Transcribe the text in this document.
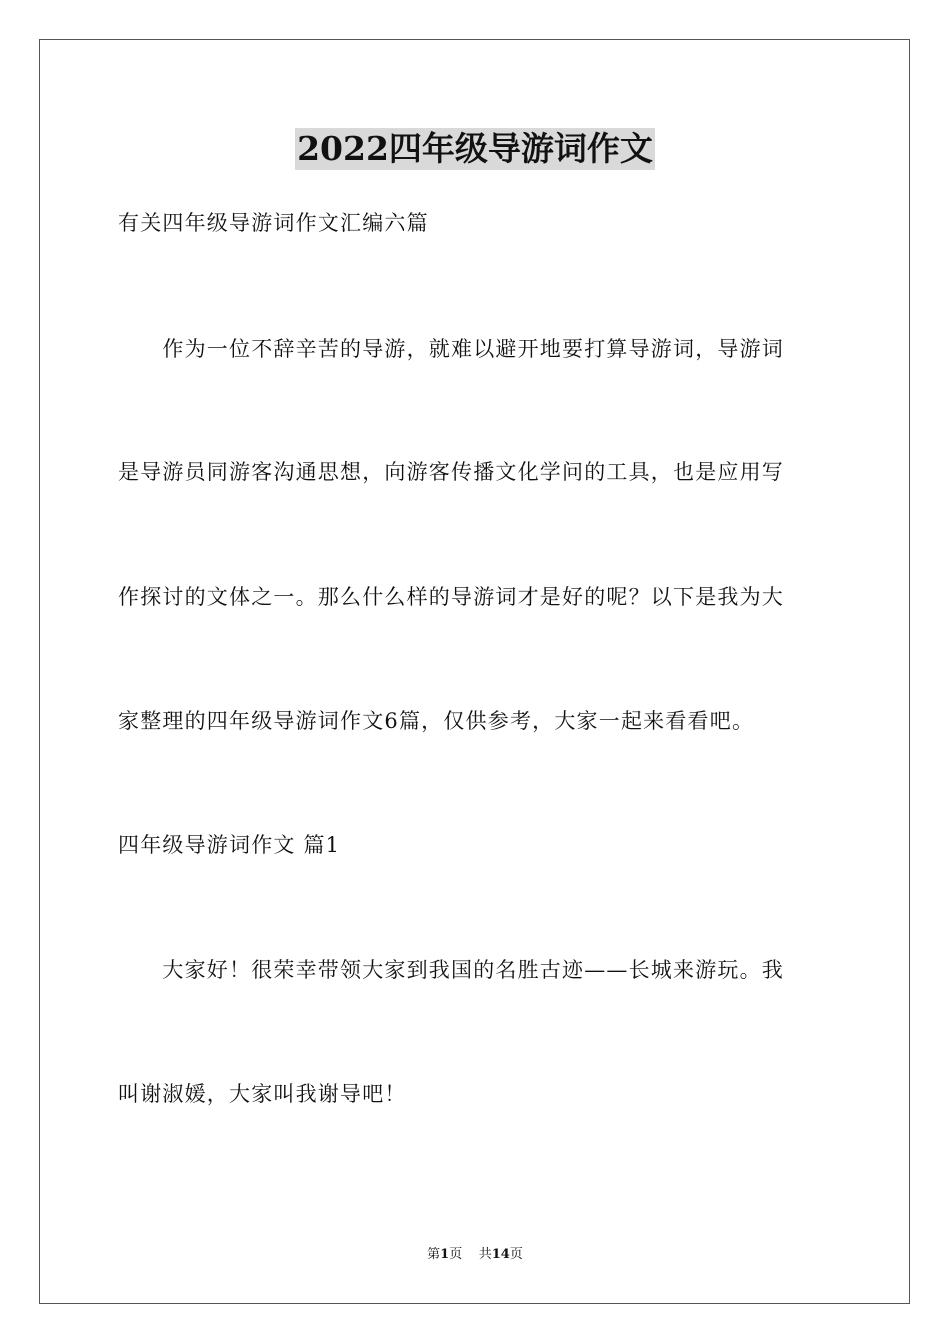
2022四年级导游词作文
有关四年级导游词作文汇编六篇
　　作为一位不辞辛苦的导游，就难以避开地要打算导游词，导游词
是导游员同游客沟通思想，向游客传播文化学问的工具，也是应用写
作探讨的文体之一。那么什么样的导游词才是好的呢？以下是我为大
家整理的四年级导游词作文6篇，仅供参考，大家一起来看看吧。
四年级导游词作文 篇1
　　大家好！很荣幸带领大家到我国的名胜古迹——长城来游玩。我
叫谢淑媛，大家叫我谢导吧！
第1页 共14页
